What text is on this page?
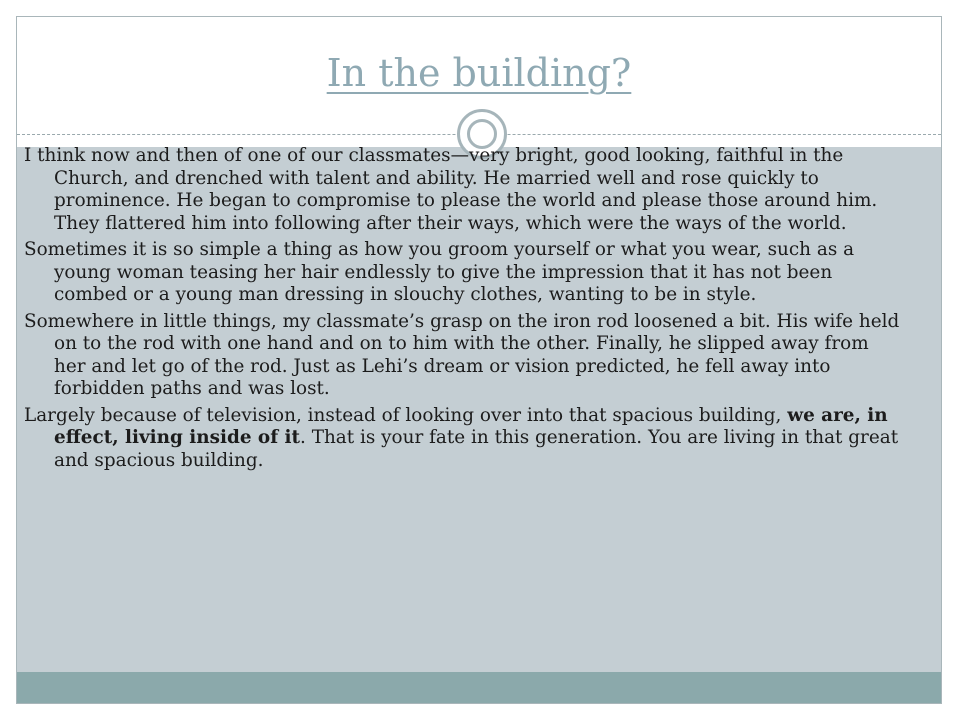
In the building?

I think now and then of one of our classmates—very bright, good looking, faithful in the Church, and drenched with talent and ability. He married well and rose quickly to prominence. He began to compromise to please the world and please those around him. They flattered him into following after their ways, which were the ways of the world.

Sometimes it is so simple a thing as how you groom yourself or what you wear, such as a young woman teasing her hair endlessly to give the impression that it has not been combed or a young man dressing in slouchy clothes, wanting to be in style.

Somewhere in little things, my classmate’s grasp on the iron rod loosened a bit. His wife held on to the rod with one hand and on to him with the other. Finally, he slipped away from her and let go of the rod. Just as Lehi’s dream or vision predicted, he fell away into forbidden paths and was lost.

Largely because of television, instead of looking over into that spacious building, we are, in effect, living inside of it. That is your fate in this generation. You are living in that great and spacious building.
